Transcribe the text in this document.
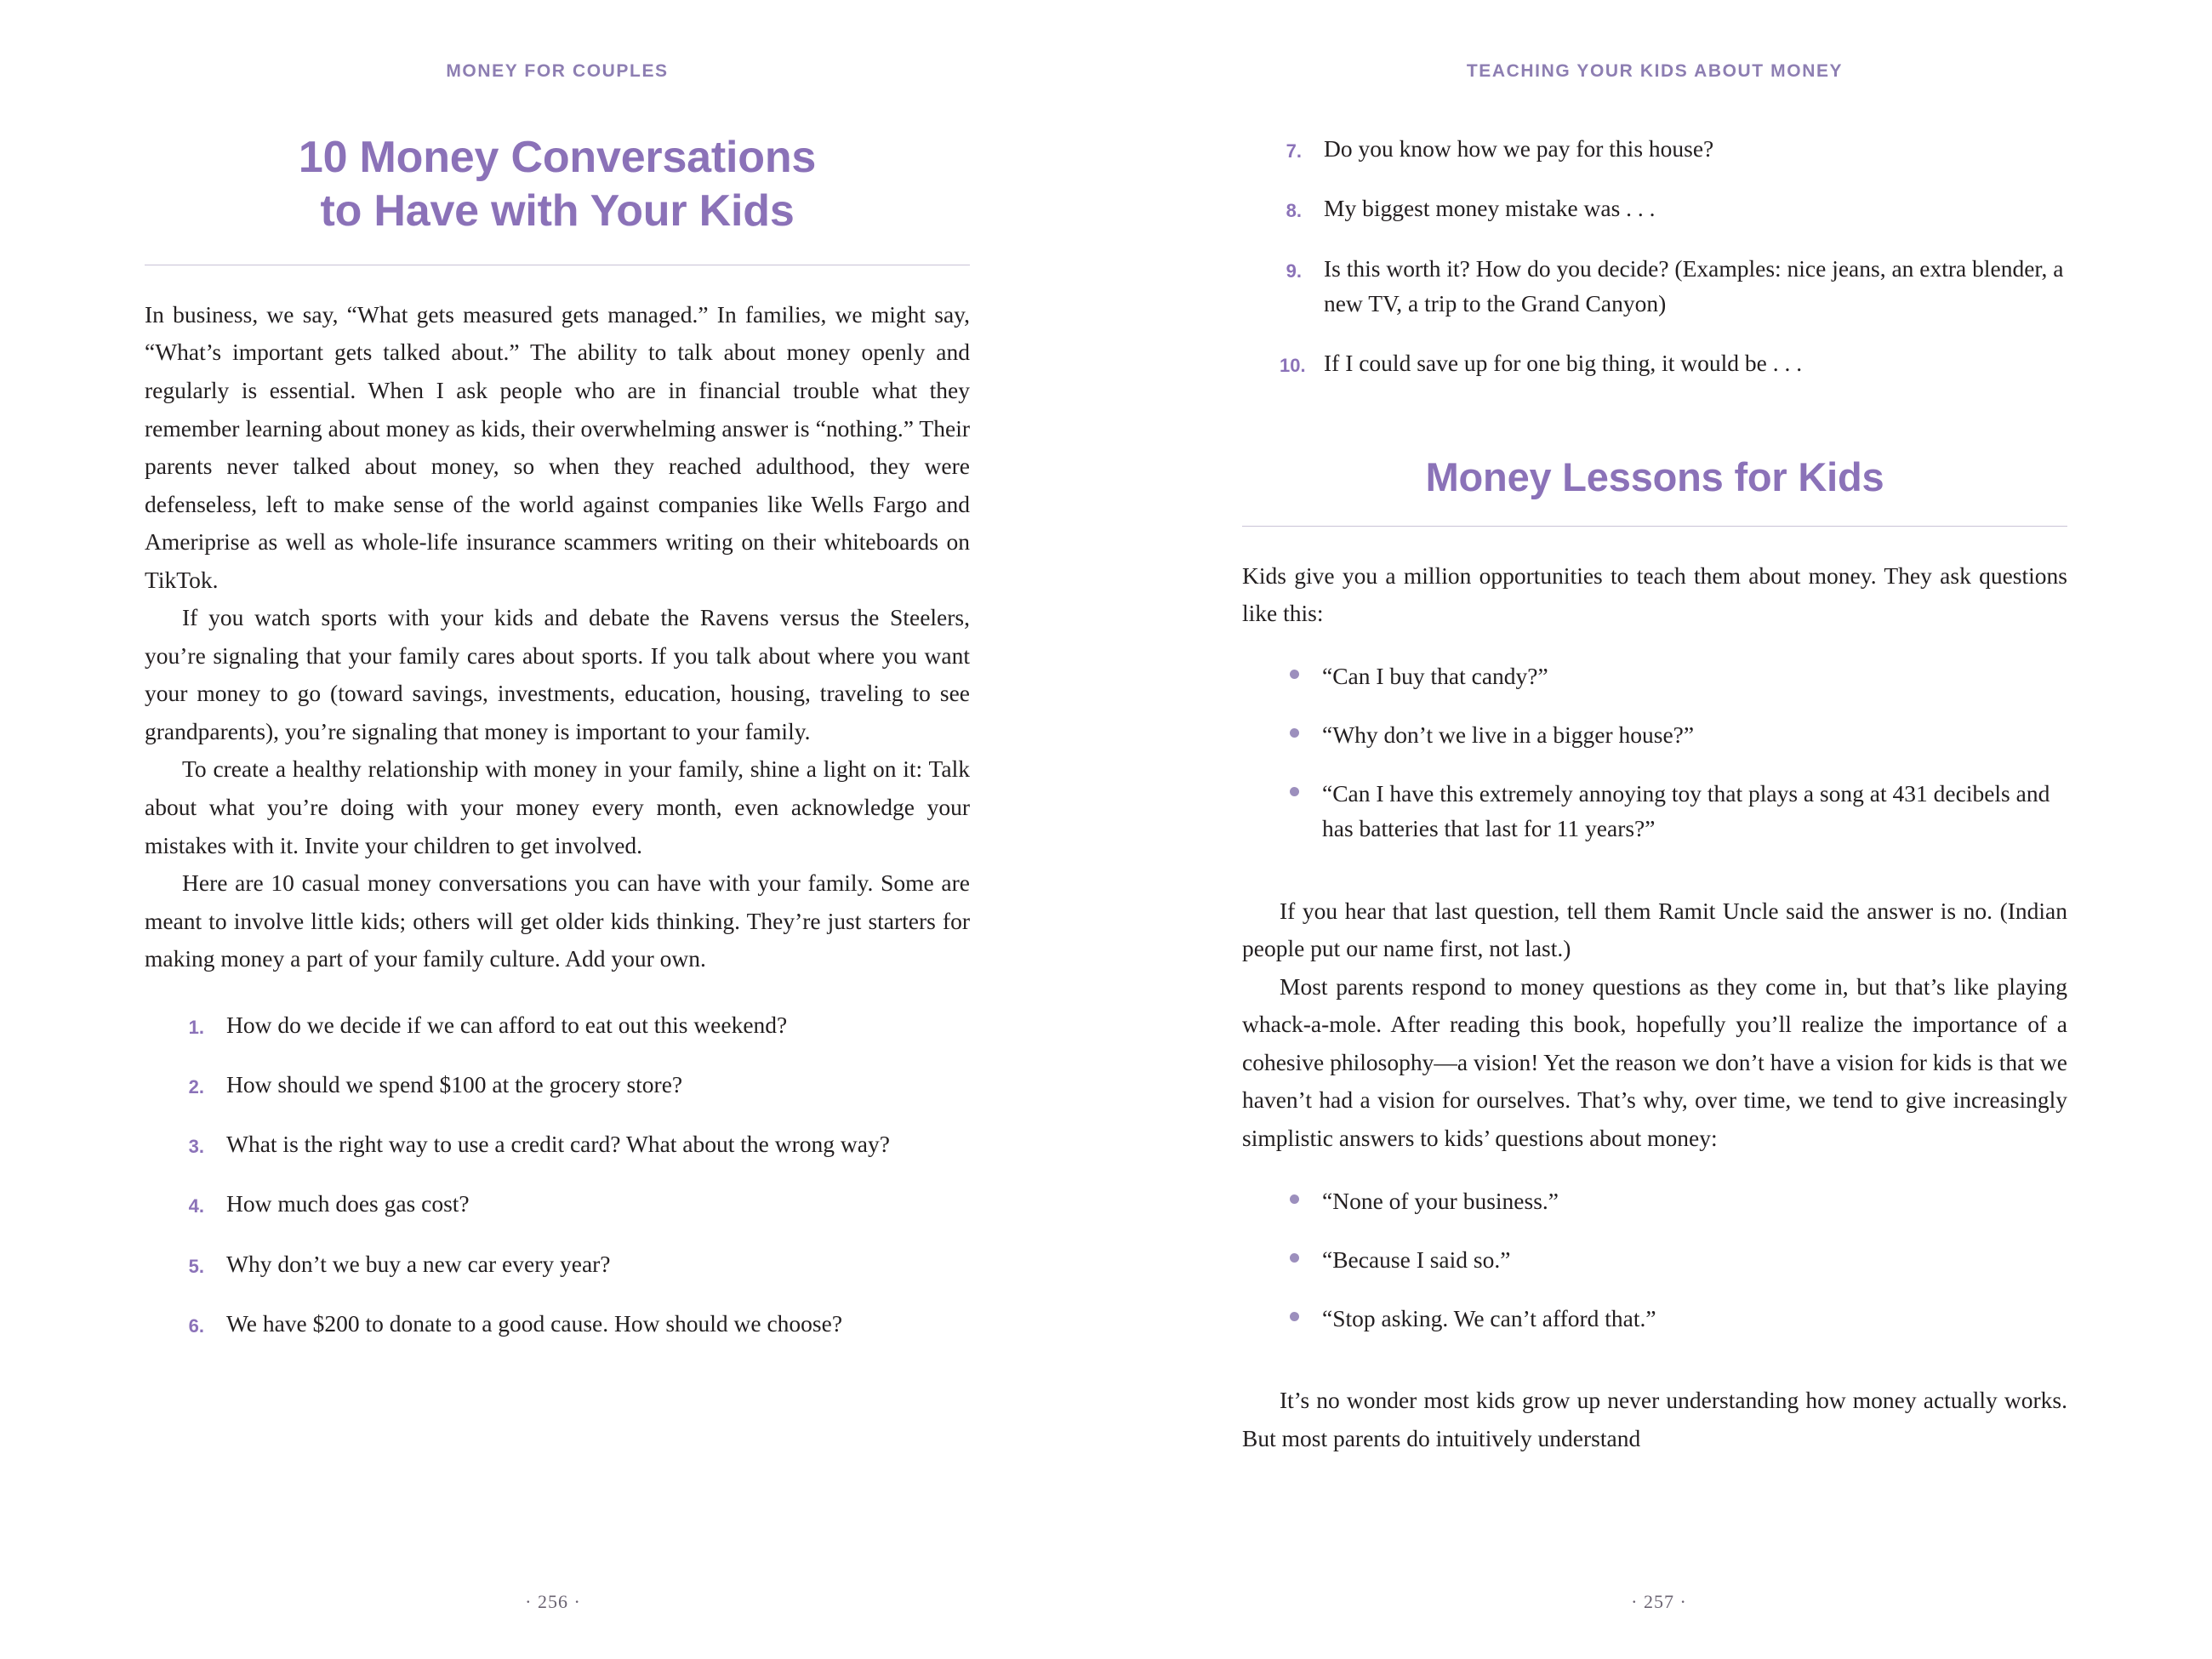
MONEY FOR COUPLES
10 Money Conversations
to Have with Your Kids

In business, we say, “What gets measured gets managed.” In families, we might say, “What’s important gets talked about.” The ability to talk about money openly and regularly is essential. When I ask people who are in financial trouble what they remember learning about money as kids, their overwhelming answer is “nothing.” Their parents never talked about money, so when they reached adulthood, they were defenseless, left to make sense of the world against companies like Wells Fargo and Ameriprise as well as whole-life insurance scammers writing on their whiteboards on TikTok.

If you watch sports with your kids and debate the Ravens versus the Steelers, you’re signaling that your family cares about sports. If you talk about where you want your money to go (toward savings, investments, education, housing, traveling to see grandparents), you’re signaling that money is important to your family.

To create a healthy relationship with money in your family, shine a light on it: Talk about what you’re doing with your money every month, even acknowledge your mistakes with it. Invite your children to get involved.

Here are 10 casual money conversations you can have with your family. Some are meant to involve little kids; others will get older kids thinking. They’re just starters for making money a part of your family culture. Add your own.

1. How do we decide if we can afford to eat out this weekend?
2. How should we spend $100 at the grocery store?
3. What is the right way to use a credit card? What about the wrong way?
4. How much does gas cost?
5. Why don’t we buy a new car every year?
6. We have $200 to donate to a good cause. How should we choose?
· 256 ·
TEACHING YOUR KIDS ABOUT MONEY
7. Do you know how we pay for this house?
8. My biggest money mistake was . . .
9. Is this worth it? How do you decide? (Examples: nice jeans, an extra blender, a new TV, a trip to the Grand Canyon)
10. If I could save up for one big thing, it would be . . .
Money Lessons for Kids

Kids give you a million opportunities to teach them about money. They ask questions like this:

“Can I buy that candy?”
“Why don’t we live in a bigger house?”
“Can I have this extremely annoying toy that plays a song at 431 decibels and has batteries that last for 11 years?”

If you hear that last question, tell them Ramit Uncle said the answer is no. (Indian people put our name first, not last.)

Most parents respond to money questions as they come in, but that’s like playing whack-a-mole. After reading this book, hopefully you’ll realize the importance of a cohesive philosophy—a vision! Yet the reason we don’t have a vision for kids is that we haven’t had a vision for ourselves. That’s why, over time, we tend to give increasingly simplistic answers to kids’ questions about money:

“None of your business.”
“Because I said so.”
“Stop asking. We can’t afford that.”

It’s no wonder most kids grow up never understanding how money actually works. But most parents do intuitively understand

· 257 ·
